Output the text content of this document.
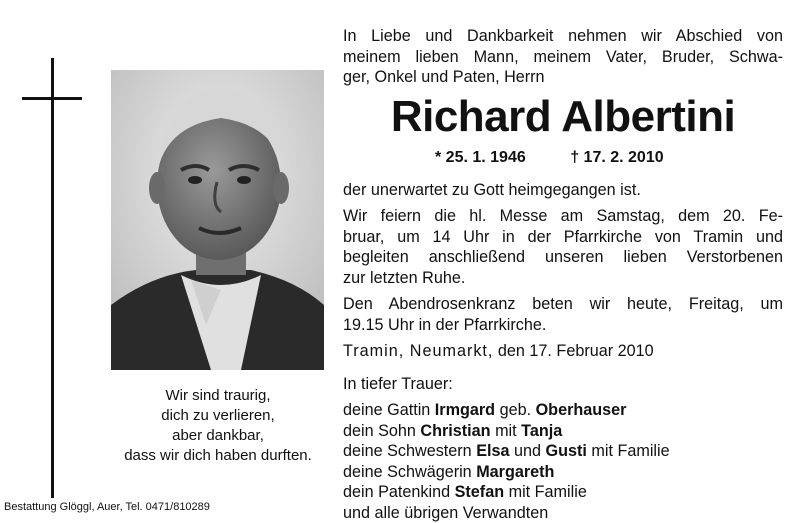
Wir sind traurig,
dich zu verlieren,
aber dankbar,
dass wir dich haben durften.
Bestattung Glöggl, Auer, Tel. 0471/810289
In Liebe und Dankbarkeit nehmen wir Abschied von
meinem lieben Mann, meinem Vater, Bruder, Schwa-
ger, Onkel und Paten, Herrn
Richard Albertini
* 25. 1. 1946	† 17. 2. 2010
der unerwartet zu Gott heimgegangen ist.
Wir feiern die hl. Messe am Samstag, dem 20. Fe-
bruar, um 14 Uhr in der Pfarrkirche von Tramin und
begleiten anschließend unseren lieben Verstorbenen
zur letzten Ruhe.
Den Abendrosenkranz beten wir heute, Freitag, um
19.15 Uhr in der Pfarrkirche.
Tramin, Neumarkt, den 17. Februar 2010
In tiefer Trauer:
deine Gattin Irmgard geb. Oberhauser
dein Sohn Christian mit Tanja
deine Schwestern Elsa und Gusti mit Familie
deine Schwägerin Margareth
dein Patenkind Stefan mit Familie
und alle übrigen Verwandten
